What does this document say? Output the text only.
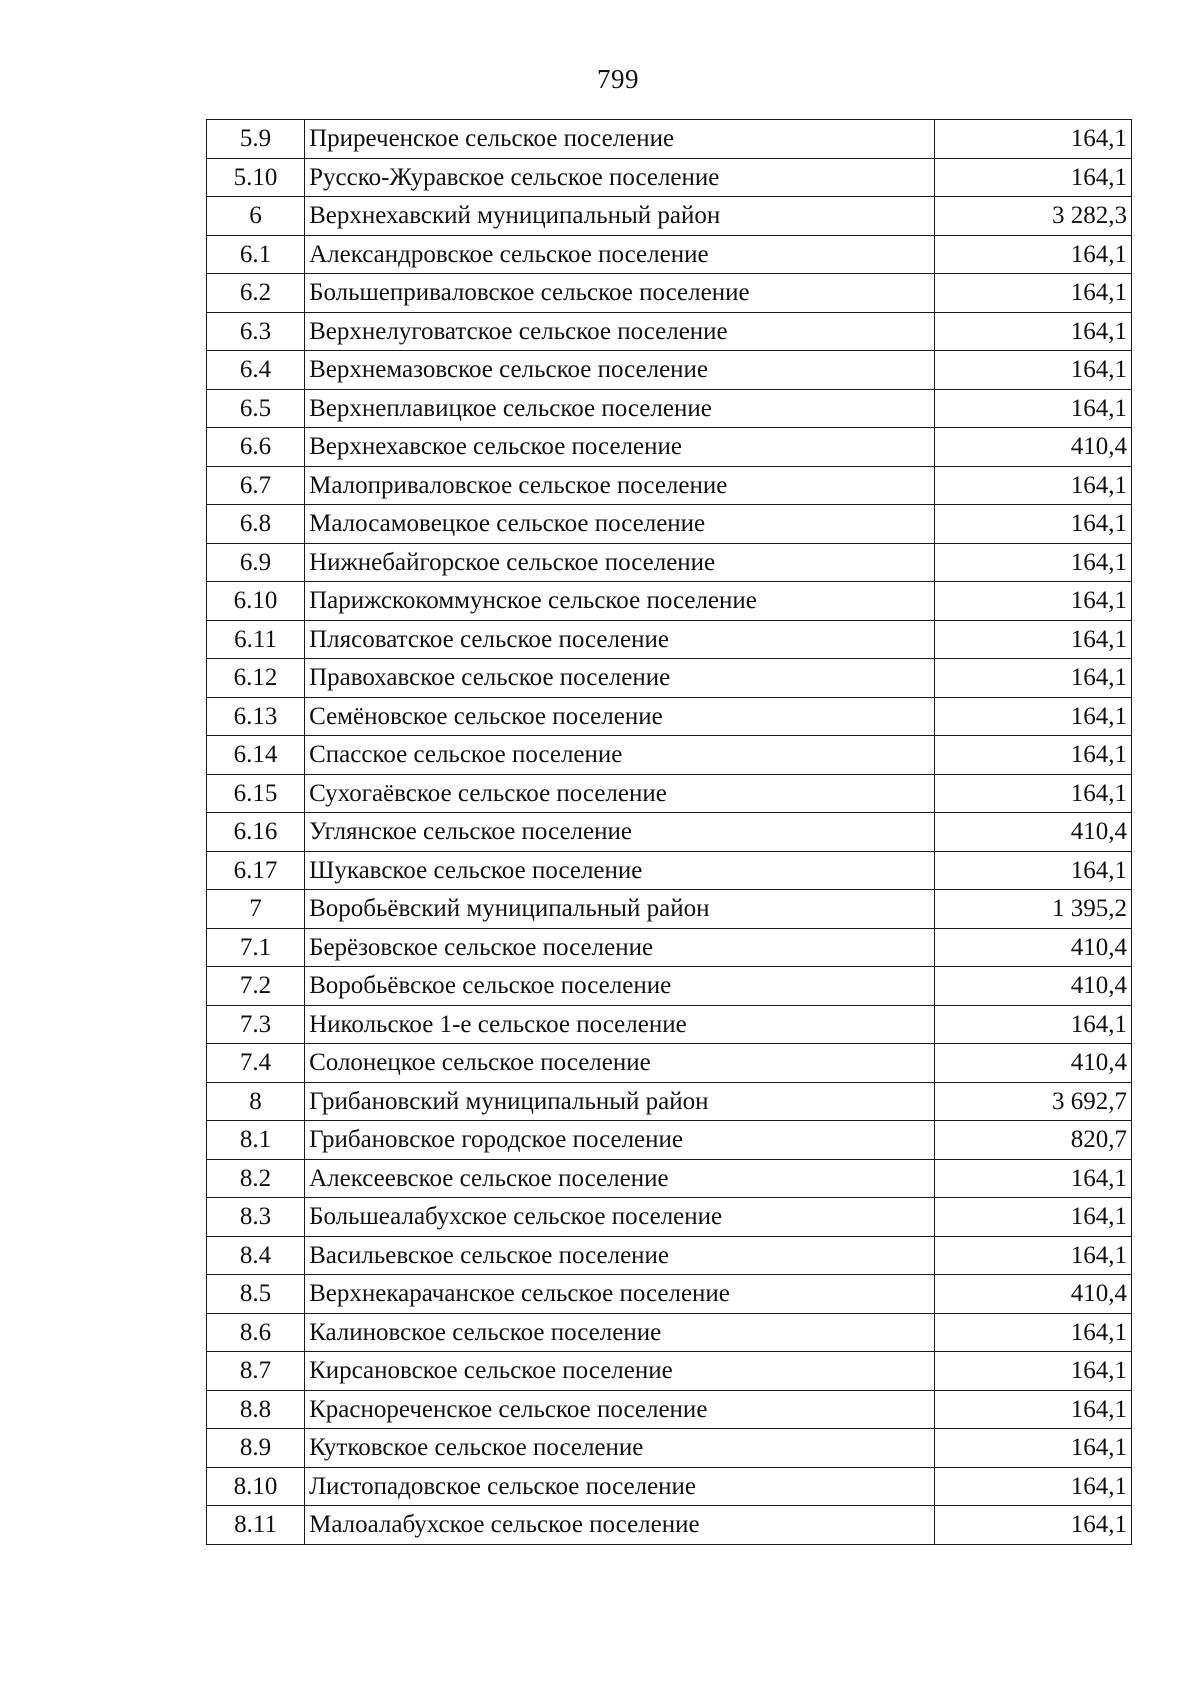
799
5.9	Приреченское сельское поселение	164,1
5.10	Русско-Журавское сельское поселение	164,1
6	Верхнехавский муниципальный район	3 282,3
6.1	Александровское сельское поселение	164,1
6.2	Большеприваловское сельское поселение	164,1
6.3	Верхнелуговатское сельское поселение	164,1
6.4	Верхнемазовское сельское поселение	164,1
6.5	Верхнеплавицкое сельское поселение	164,1
6.6	Верхнехавское сельское поселение	410,4
6.7	Малоприваловское сельское поселение	164,1
6.8	Малосамовецкое сельское поселение	164,1
6.9	Нижнебайгорское сельское поселение	164,1
6.10	Парижскокоммунское сельское поселение	164,1
6.11	Плясоватское сельское поселение	164,1
6.12	Правохавское сельское поселение	164,1
6.13	Семёновское сельское поселение	164,1
6.14	Спасское сельское поселение	164,1
6.15	Сухогаёвское сельское поселение	164,1
6.16	Углянское сельское поселение	410,4
6.17	Шукавское сельское поселение	164,1
7	Воробьёвский муниципальный район	1 395,2
7.1	Берёзовское сельское поселение	410,4
7.2	Воробьёвское сельское поселение	410,4
7.3	Никольское 1-е сельское поселение	164,1
7.4	Солонецкое сельское поселение	410,4
8	Грибановский муниципальный район	3 692,7
8.1	Грибановское городское поселение	820,7
8.2	Алексеевское сельское поселение	164,1
8.3	Большеалабухское сельское поселение	164,1
8.4	Васильевское сельское поселение	164,1
8.5	Верхнекарачанское сельское поселение	410,4
8.6	Калиновское сельское поселение	164,1
8.7	Кирсановское сельское поселение	164,1
8.8	Краснореченское сельское поселение	164,1
8.9	Кутковское сельское поселение	164,1
8.10	Листопадовское сельское поселение	164,1
8.11	Малоалабухское сельское поселение	164,1
